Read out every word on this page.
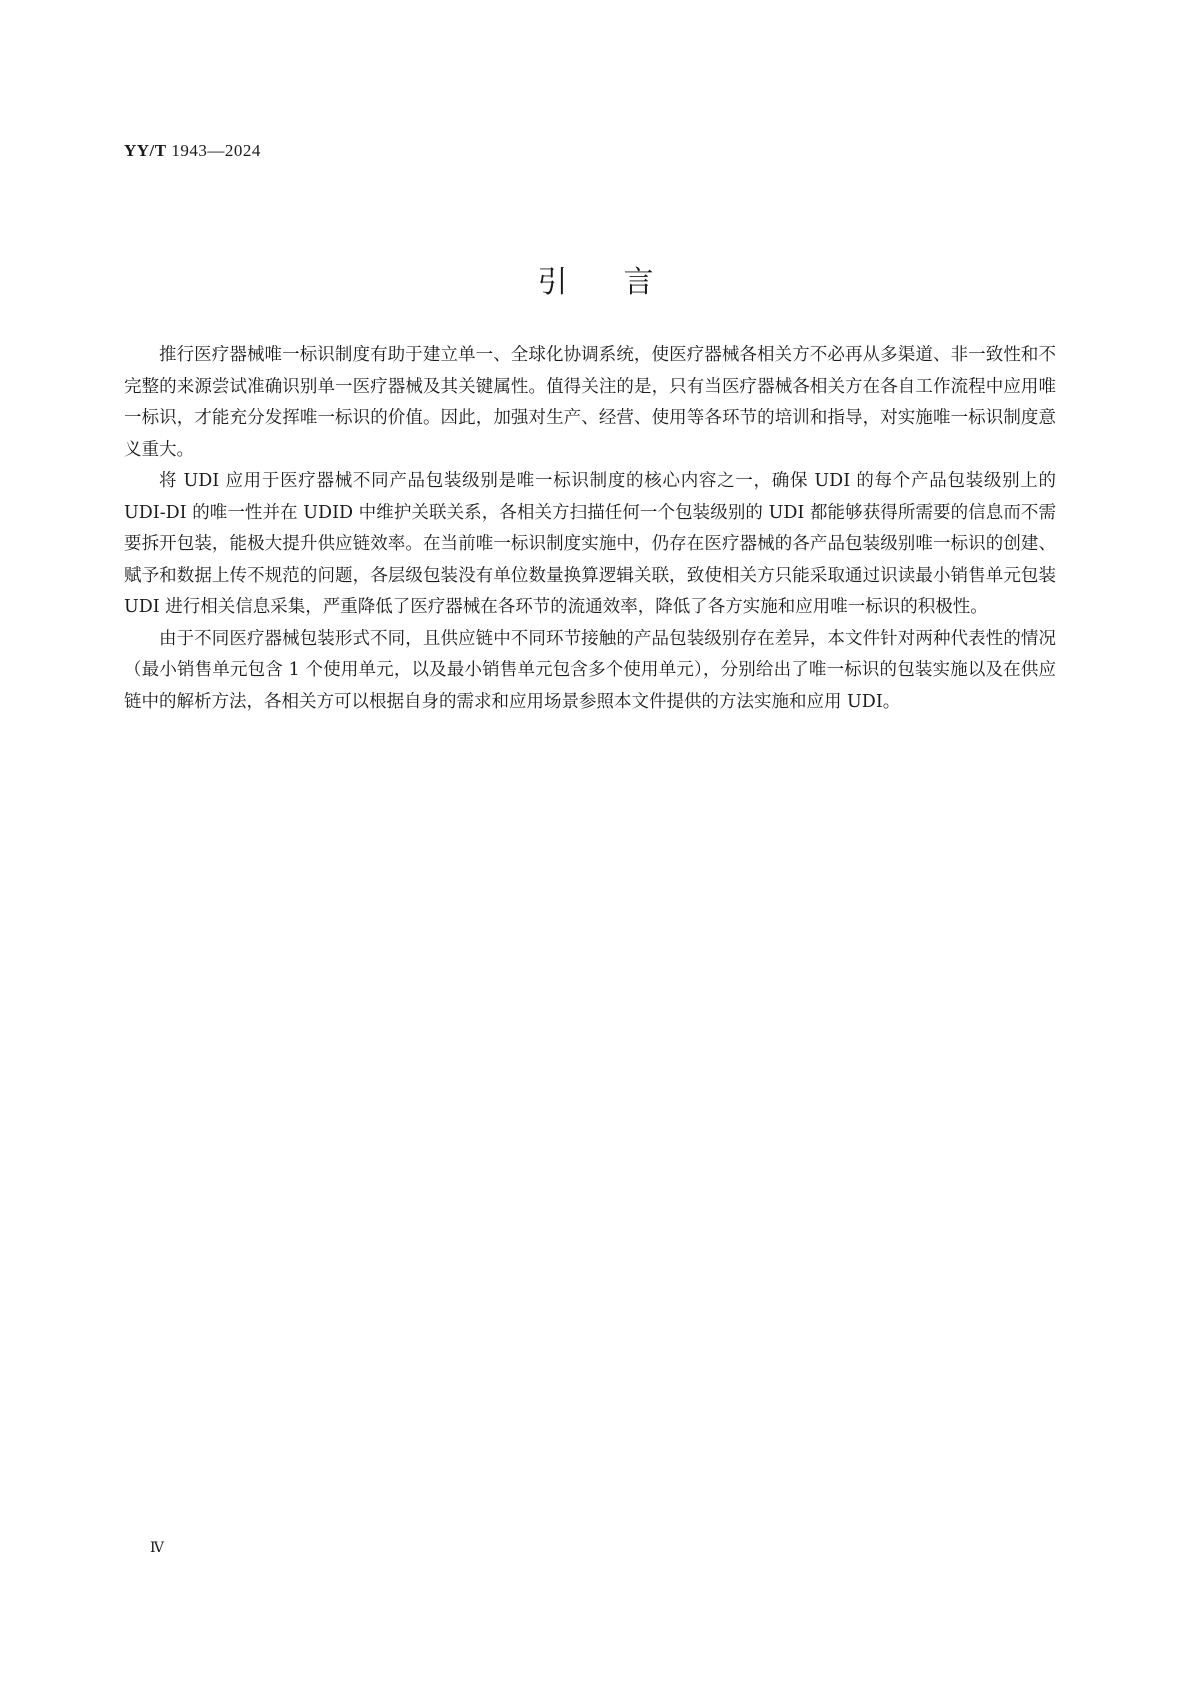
YY/T 1943—2024
引言

推行医疗器械唯一标识制度有助于建立单一、全球化协调系统，使医疗器械各相关方不必再从多渠道、非一致性和不完整的来源尝试准确识别单一医疗器械及其关键属性。值得关注的是，只有当医疗器械各相关方在各自工作流程中应用唯一标识，才能充分发挥唯一标识的价值。因此，加强对生产、经营、使用等各环节的培训和指导，对实施唯一标识制度意义重大。

将 UDI 应用于医疗器械不同产品包装级别是唯一标识制度的核心内容之一，确保 UDI 的每个产品包装级别上的 UDI-DI 的唯一性并在 UDID 中维护关联关系，各相关方扫描任何一个包装级别的 UDI 都能够获得所需要的信息而不需要拆开包装，能极大提升供应链效率。在当前唯一标识制度实施中，仍存在医疗器械的各产品包装级别唯一标识的创建、赋予和数据上传不规范的问题，各层级包装没有单位数量换算逻辑关联，致使相关方只能采取通过识读最小销售单元包装 UDI 进行相关信息采集，严重降低了医疗器械在各环节的流通效率，降低了各方实施和应用唯一标识的积极性。

由于不同医疗器械包装形式不同，且供应链中不同环节接触的产品包装级别存在差异，本文件针对两种代表性的情况（最小销售单元包含 1 个使用单元，以及最小销售单元包含多个使用单元），分别给出了唯一标识的包装实施以及在供应链中的解析方法，各相关方可以根据自身的需求和应用场景参照本文件提供的方法实施和应用 UDI。

Ⅳ
